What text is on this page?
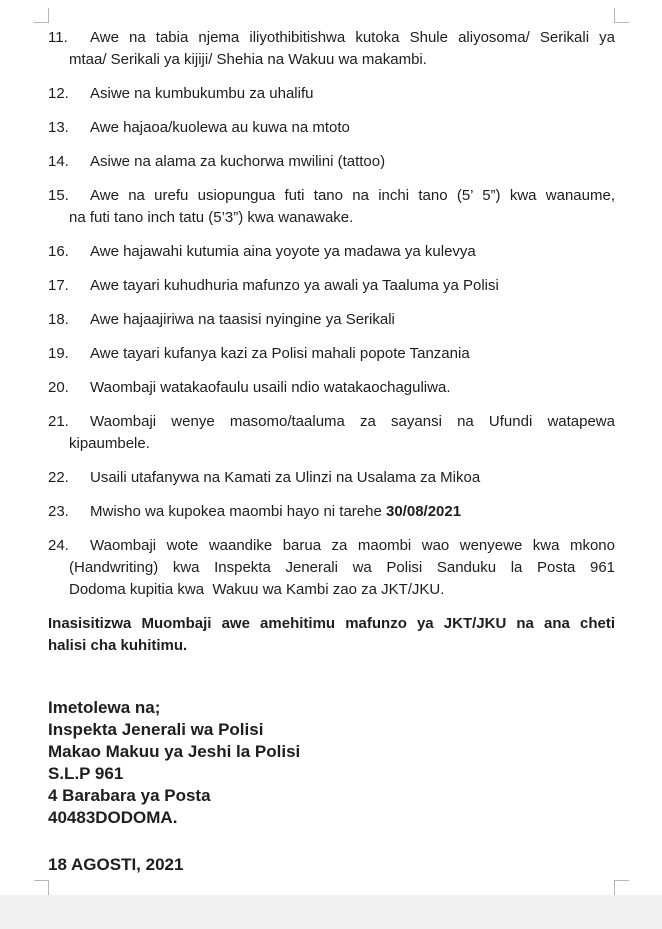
11.	Awe na tabia njema iliyothibitishwa kutoka Shule aliyosoma/ Serikali ya
mtaa/ Serikali ya kijiji/ Shehia na Wakuu wa makambi.
12.	Asiwe na kumbukumbu za uhalifu
13.	Awe hajaoa/kuolewa au kuwa na mtoto
14.	Asiwe na alama za kuchorwa mwilini (tattoo)
15.	Awe na urefu usiopungua futi tano na inchi tano (5’ 5”) kwa wanaume,
na futi tano inch tatu (5’3”) kwa wanawake.
16.	Awe hajawahi kutumia aina yoyote ya madawa ya kulevya
17.	Awe tayari kuhudhuria mafunzo ya awali ya Taaluma ya Polisi
18.	Awe hajaajiriwa na taasisi nyingine ya Serikali
19.	Awe tayari kufanya kazi za Polisi mahali popote Tanzania
20.	Waombaji watakaofaulu usaili ndio watakaochaguliwa.
21.	Waombaji wenye masomo/taaluma za sayansi na Ufundi watapewa
kipaumbele.
22.	Usaili utafanywa na Kamati za Ulinzi na Usalama za Mikoa
23.	Mwisho wa kupokea maombi hayo ni tarehe 30/08/2021
24.	Waombaji wote waandike barua za maombi wao wenyewe kwa mkono
(Handwriting) kwa Inspekta Jenerali wa Polisi Sanduku la Posta 961
Dodoma kupitia kwa  Wakuu wa Kambi zao za JKT/JKU.
Inasisitizwa Muombaji awe amehitimu mafunzo ya JKT/JKU na ana cheti
halisi cha kuhitimu.
Imetolewa na;
Inspekta Jenerali wa Polisi
Makao Makuu ya Jeshi la Polisi
S.L.P 961
4 Barabara ya Posta
40483DODOMA.
18 AGOSTI, 2021
